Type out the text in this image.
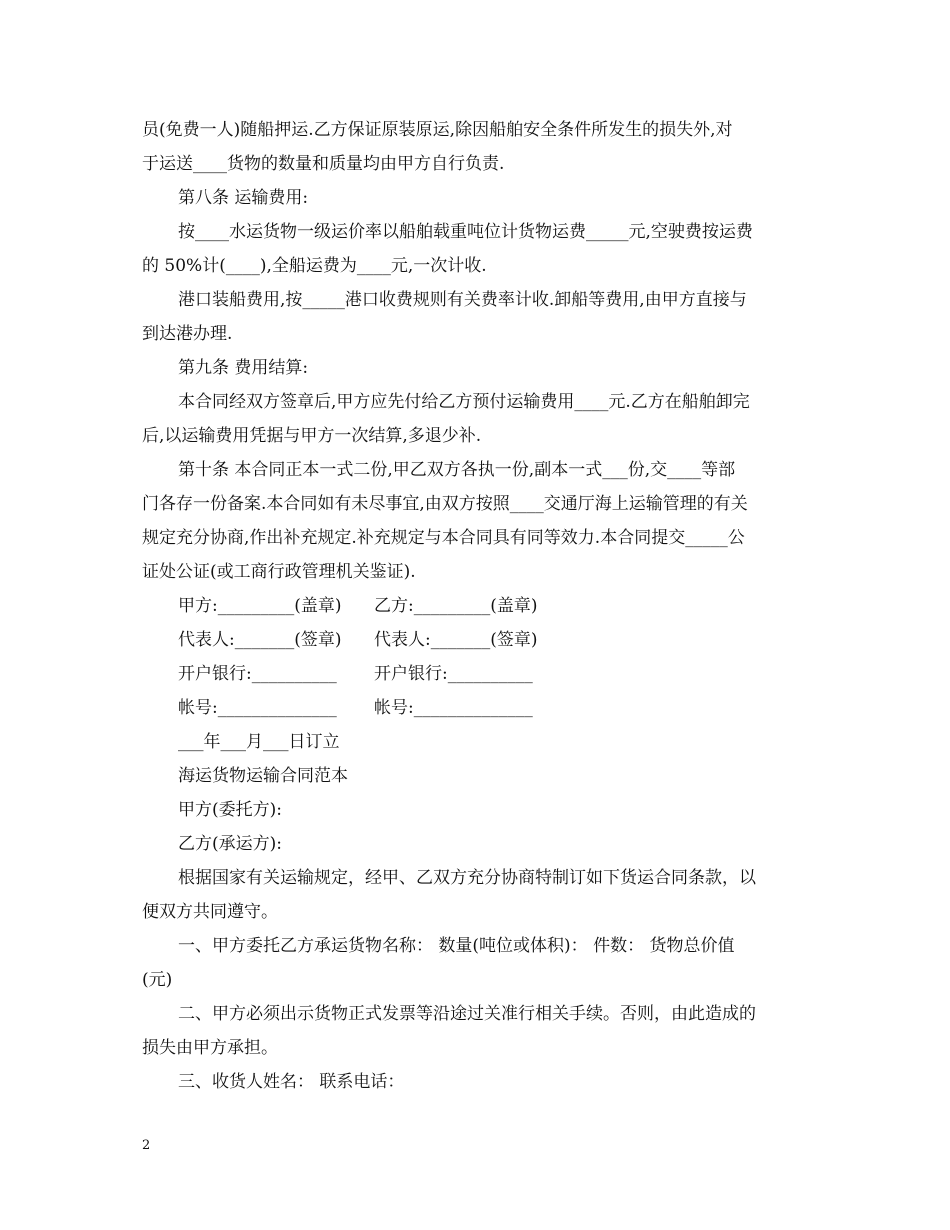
员(免费一人)随船押运.乙方保证原装原运,除因船舶安全条件所发生的损失外,对

于运送____货物的数量和质量均由甲方自行负责.

第八条 运输费用:

按____水运货物一级运价率以船舶载重吨位计货物运费_____元,空驶费按运费

的 50%计(____),全船运费为____元,一次计收.

港口装船费用,按_____港口收费规则有关费率计收.卸船等费用,由甲方直接与

到达港办理.

第九条 费用结算:

本合同经双方签章后,甲方应先付给乙方预付运输费用____元.乙方在船舶卸完

后,以运输费用凭据与甲方一次结算,多退少补.

第十条 本合同正本一式二份,甲乙双方各执一份,副本一式___份,交____等部

门各存一份备案.本合同如有未尽事宜,由双方按照____交通厅海上运输管理的有关

规定充分协商,作出补充规定.补充规定与本合同具有同等效力.本合同提交_____公

证处公证(或工商行政管理机关鉴证).

甲方:_________(盖章) 乙方:_________(盖章)
代表人:_______(签章) 代表人:_______(签章)
开户银行:__________ 开户银行:__________
帐号:______________ 帐号:______________

___年___月___日订立

海运货物运输合同范本

甲方(委托方):

乙方(承运方):

根据国家有关运输规定，经甲、乙双方充分协商特制订如下货运合同条款，以

便双方共同遵守。

一、甲方委托乙方承运货物名称： 数量(吨位或体积)： 件数： 货物总价值

(元)

二、甲方必须出示货物正式发票等沿途过关准行相关手续。否则，由此造成的

损失由甲方承担。

三、收货人姓名： 联系电话：

2
